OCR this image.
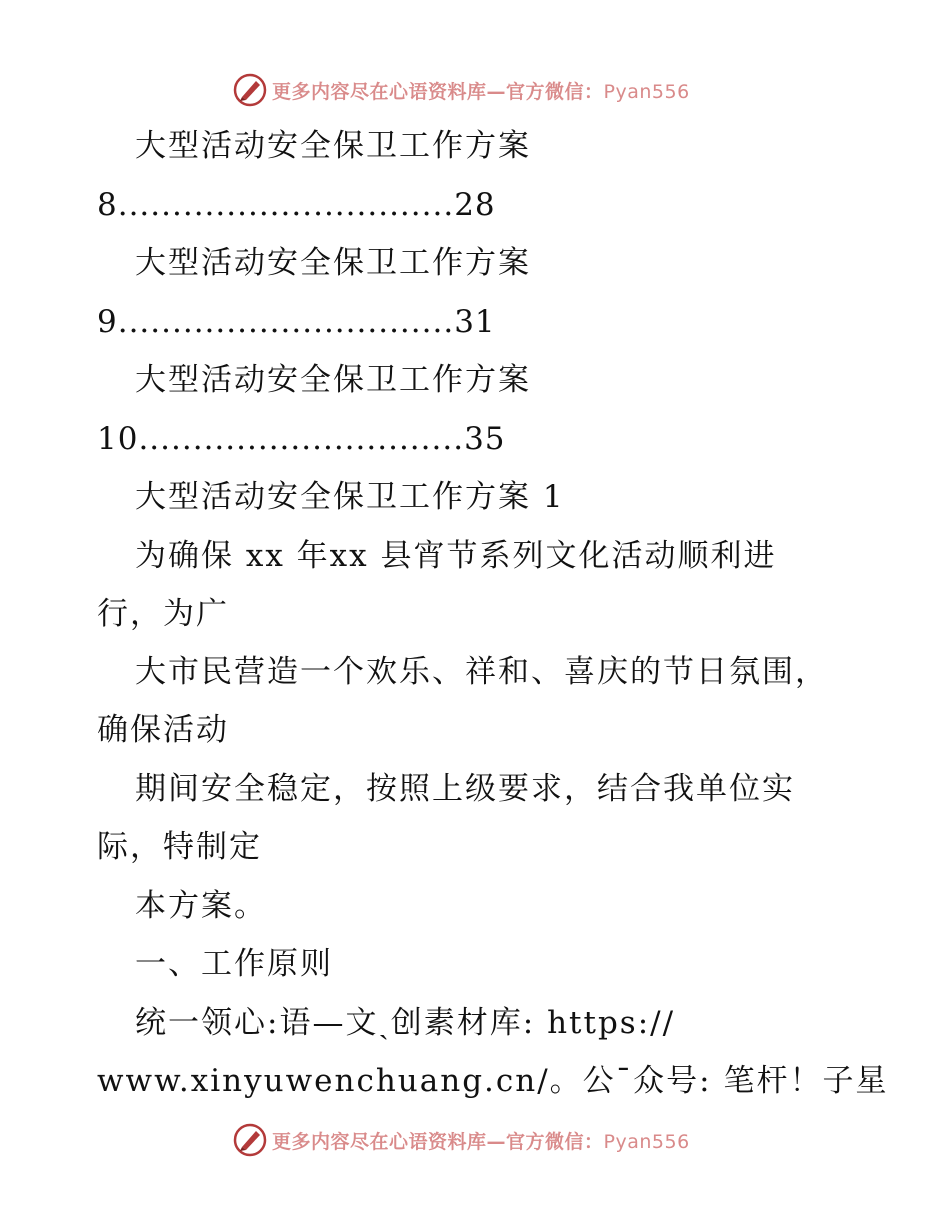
更多内容尽在心语资料库—官方微信：Pyan556
大型活动安全保卫工作方案
8...............................28
大型活动安全保卫工作方案
9...............................31
大型活动安全保卫工作方案
10..............................35
大型活动安全保卫工作方案 1
为确保 xx 年xx 县宵节系列文化活动顺利进
行，为广
大市民营造一个欢乐、祥和、喜庆的节日氛围，
确保活动
期间安全稳定，按照上级要求，结合我单位实
际，特制定
本方案。
一、工作原则
统一领心:语—文ˎ创素材库: https://
www.xinyuwenchuang.cn/。公¯众号: 笔杆！子星
更多内容尽在心语资料库—官方微信：Pyan556
